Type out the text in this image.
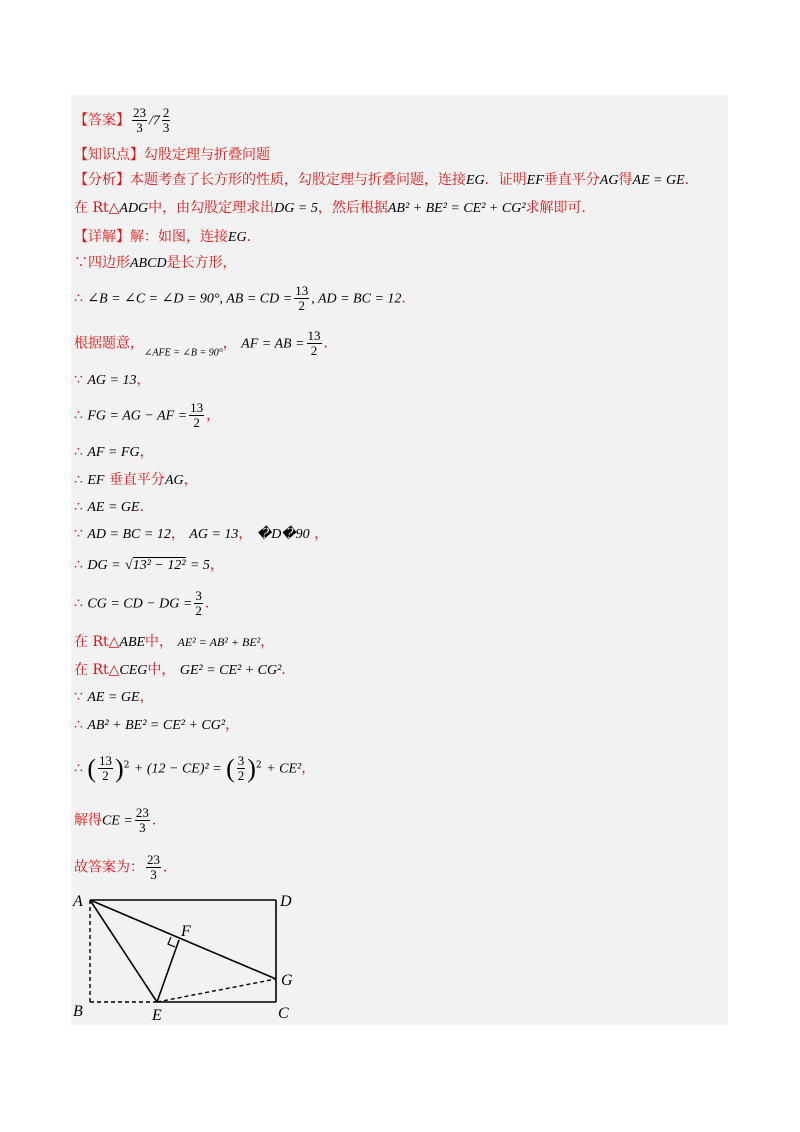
【答案】 $\frac{23}{3} /7 \frac{2}{3}$
【知识点】勾股定理与折叠问题
【分析】本题考查了长方形的性质，勾股定理与折叠问题，连接EG．证明EF垂直平分AG得AE = GE．
在 Rt△ADG中，由勾股定理求出DG = 5，然后根据AB² + BE² = CE² + CG²求解即可．
【详解】解：如图，连接EG．
∵四边形ABCD是长方形，
∴ ∠B = ∠C = ∠D = 90°, AB = CD = $\frac{13}{2}$ , AD = BC = 12．
根据题意，$_{\angle AFE = \angle B = 90^\circ}$， AF = AB = $\frac{13}{2}$ ．
∵ AG = 13，
∴ FG = AG − AF = $\frac{13}{2}$ ，
∴ AF = FG，
∴ EF 垂直平分AG，
∴ AE = GE．
∵ AD = BC = 12， AG = 13， �D�90 ，
∴ DG = √13² − 12² = 5，
∴ CG = CD − DG = $\frac{3}{2}$ ．
在 Rt△ABE中， AE² = AB² + BE²，
在 Rt△CEG中， GE² = CE² + CG²．
∵ AE = GE，
∴ AB² + BE² = CE² + CG²，
∴ ( $\frac{13}{2} )^2 + (12 - CE)^2$ = ( $\frac{3}{2} )^2 + CE^2$，
解得CE = $\frac{23}{3}$ ．
故答案为： $\frac{23}{3}$ ．
A	D
F
G
B	E	C
